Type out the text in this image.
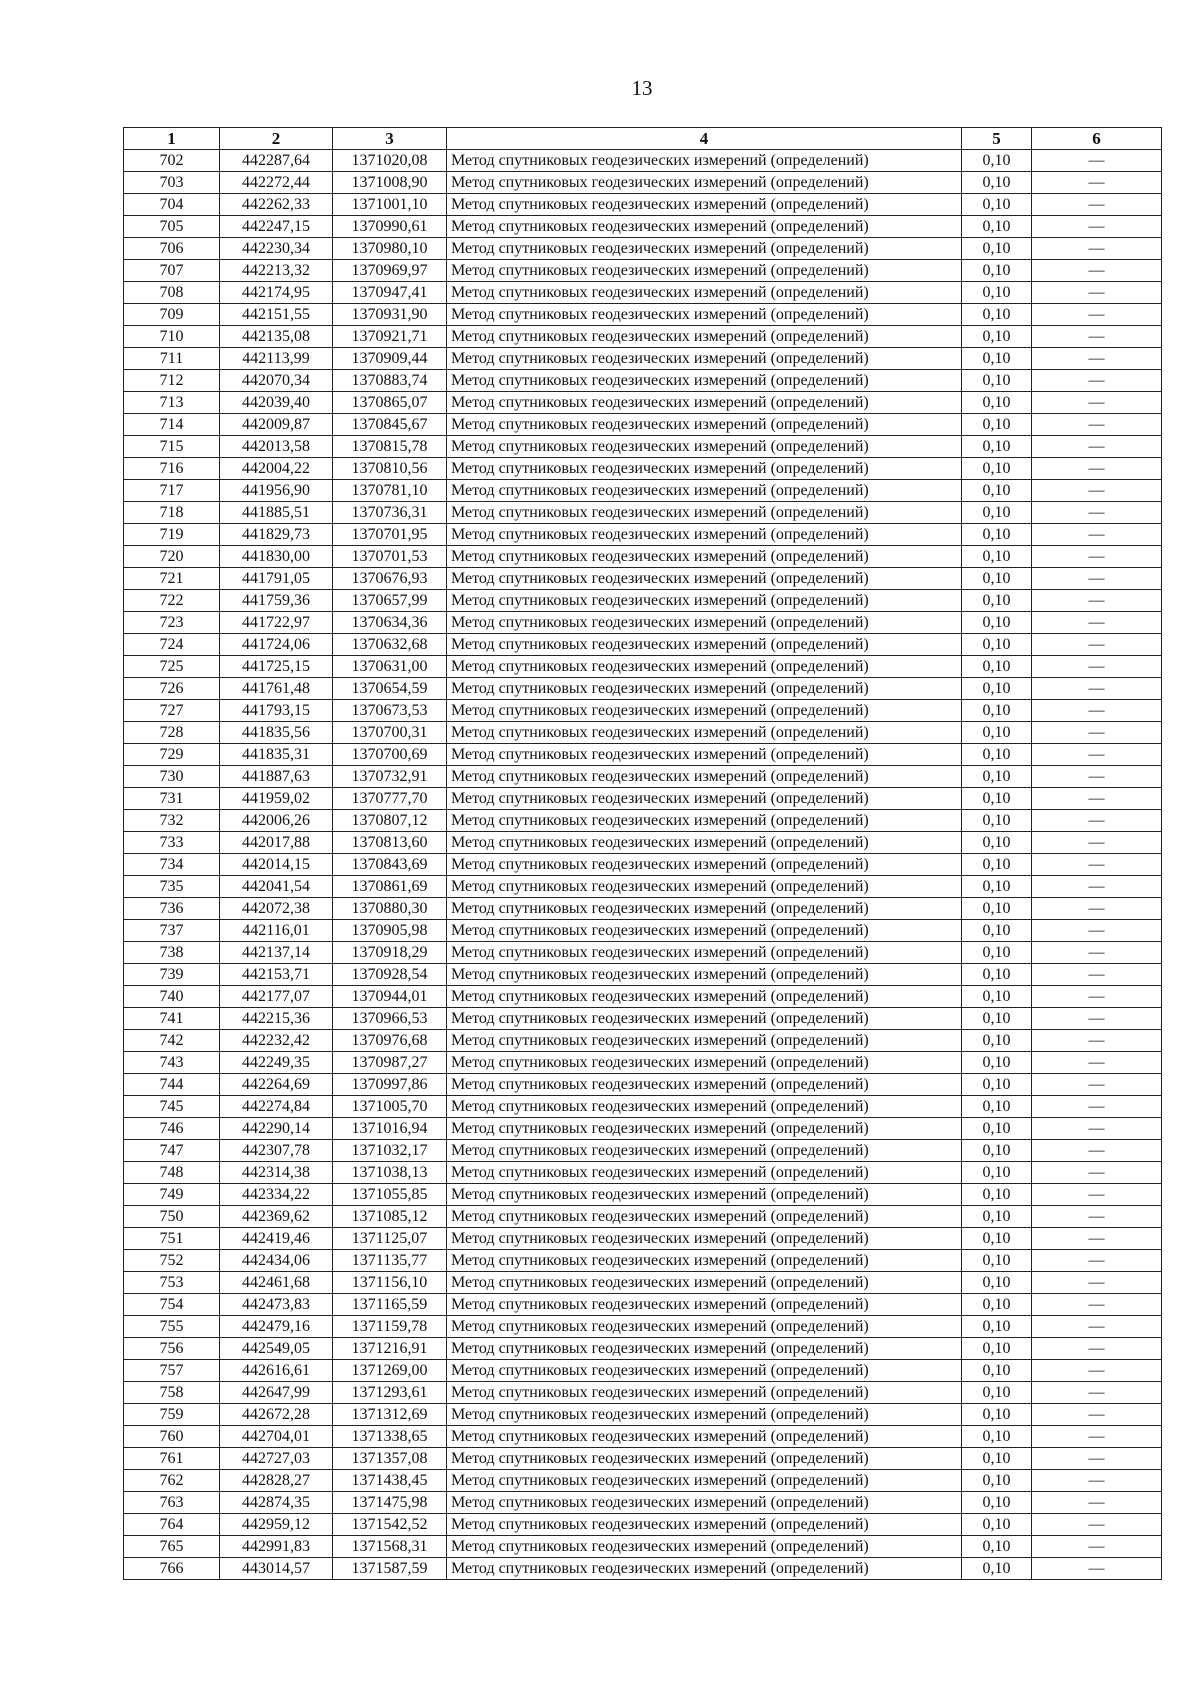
13
1	2	3	4	5	6
702	442287,64	1371020,08	Метод спутниковых геодезических измерений (определений)	0,10	—
703	442272,44	1371008,90	Метод спутниковых геодезических измерений (определений)	0,10	—
704	442262,33	1371001,10	Метод спутниковых геодезических измерений (определений)	0,10	—
705	442247,15	1370990,61	Метод спутниковых геодезических измерений (определений)	0,10	—
706	442230,34	1370980,10	Метод спутниковых геодезических измерений (определений)	0,10	—
707	442213,32	1370969,97	Метод спутниковых геодезических измерений (определений)	0,10	—
708	442174,95	1370947,41	Метод спутниковых геодезических измерений (определений)	0,10	—
709	442151,55	1370931,90	Метод спутниковых геодезических измерений (определений)	0,10	—
710	442135,08	1370921,71	Метод спутниковых геодезических измерений (определений)	0,10	—
711	442113,99	1370909,44	Метод спутниковых геодезических измерений (определений)	0,10	—
712	442070,34	1370883,74	Метод спутниковых геодезических измерений (определений)	0,10	—
713	442039,40	1370865,07	Метод спутниковых геодезических измерений (определений)	0,10	—
714	442009,87	1370845,67	Метод спутниковых геодезических измерений (определений)	0,10	—
715	442013,58	1370815,78	Метод спутниковых геодезических измерений (определений)	0,10	—
716	442004,22	1370810,56	Метод спутниковых геодезических измерений (определений)	0,10	—
717	441956,90	1370781,10	Метод спутниковых геодезических измерений (определений)	0,10	—
718	441885,51	1370736,31	Метод спутниковых геодезических измерений (определений)	0,10	—
719	441829,73	1370701,95	Метод спутниковых геодезических измерений (определений)	0,10	—
720	441830,00	1370701,53	Метод спутниковых геодезических измерений (определений)	0,10	—
721	441791,05	1370676,93	Метод спутниковых геодезических измерений (определений)	0,10	—
722	441759,36	1370657,99	Метод спутниковых геодезических измерений (определений)	0,10	—
723	441722,97	1370634,36	Метод спутниковых геодезических измерений (определений)	0,10	—
724	441724,06	1370632,68	Метод спутниковых геодезических измерений (определений)	0,10	—
725	441725,15	1370631,00	Метод спутниковых геодезических измерений (определений)	0,10	—
726	441761,48	1370654,59	Метод спутниковых геодезических измерений (определений)	0,10	—
727	441793,15	1370673,53	Метод спутниковых геодезических измерений (определений)	0,10	—
728	441835,56	1370700,31	Метод спутниковых геодезических измерений (определений)	0,10	—
729	441835,31	1370700,69	Метод спутниковых геодезических измерений (определений)	0,10	—
730	441887,63	1370732,91	Метод спутниковых геодезических измерений (определений)	0,10	—
731	441959,02	1370777,70	Метод спутниковых геодезических измерений (определений)	0,10	—
732	442006,26	1370807,12	Метод спутниковых геодезических измерений (определений)	0,10	—
733	442017,88	1370813,60	Метод спутниковых геодезических измерений (определений)	0,10	—
734	442014,15	1370843,69	Метод спутниковых геодезических измерений (определений)	0,10	—
735	442041,54	1370861,69	Метод спутниковых геодезических измерений (определений)	0,10	—
736	442072,38	1370880,30	Метод спутниковых геодезических измерений (определений)	0,10	—
737	442116,01	1370905,98	Метод спутниковых геодезических измерений (определений)	0,10	—
738	442137,14	1370918,29	Метод спутниковых геодезических измерений (определений)	0,10	—
739	442153,71	1370928,54	Метод спутниковых геодезических измерений (определений)	0,10	—
740	442177,07	1370944,01	Метод спутниковых геодезических измерений (определений)	0,10	—
741	442215,36	1370966,53	Метод спутниковых геодезических измерений (определений)	0,10	—
742	442232,42	1370976,68	Метод спутниковых геодезических измерений (определений)	0,10	—
743	442249,35	1370987,27	Метод спутниковых геодезических измерений (определений)	0,10	—
744	442264,69	1370997,86	Метод спутниковых геодезических измерений (определений)	0,10	—
745	442274,84	1371005,70	Метод спутниковых геодезических измерений (определений)	0,10	—
746	442290,14	1371016,94	Метод спутниковых геодезических измерений (определений)	0,10	—
747	442307,78	1371032,17	Метод спутниковых геодезических измерений (определений)	0,10	—
748	442314,38	1371038,13	Метод спутниковых геодезических измерений (определений)	0,10	—
749	442334,22	1371055,85	Метод спутниковых геодезических измерений (определений)	0,10	—
750	442369,62	1371085,12	Метод спутниковых геодезических измерений (определений)	0,10	—
751	442419,46	1371125,07	Метод спутниковых геодезических измерений (определений)	0,10	—
752	442434,06	1371135,77	Метод спутниковых геодезических измерений (определений)	0,10	—
753	442461,68	1371156,10	Метод спутниковых геодезических измерений (определений)	0,10	—
754	442473,83	1371165,59	Метод спутниковых геодезических измерений (определений)	0,10	—
755	442479,16	1371159,78	Метод спутниковых геодезических измерений (определений)	0,10	—
756	442549,05	1371216,91	Метод спутниковых геодезических измерений (определений)	0,10	—
757	442616,61	1371269,00	Метод спутниковых геодезических измерений (определений)	0,10	—
758	442647,99	1371293,61	Метод спутниковых геодезических измерений (определений)	0,10	—
759	442672,28	1371312,69	Метод спутниковых геодезических измерений (определений)	0,10	—
760	442704,01	1371338,65	Метод спутниковых геодезических измерений (определений)	0,10	—
761	442727,03	1371357,08	Метод спутниковых геодезических измерений (определений)	0,10	—
762	442828,27	1371438,45	Метод спутниковых геодезических измерений (определений)	0,10	—
763	442874,35	1371475,98	Метод спутниковых геодезических измерений (определений)	0,10	—
764	442959,12	1371542,52	Метод спутниковых геодезических измерений (определений)	0,10	—
765	442991,83	1371568,31	Метод спутниковых геодезических измерений (определений)	0,10	—
766	443014,57	1371587,59	Метод спутниковых геодезических измерений (определений)	0,10	—
